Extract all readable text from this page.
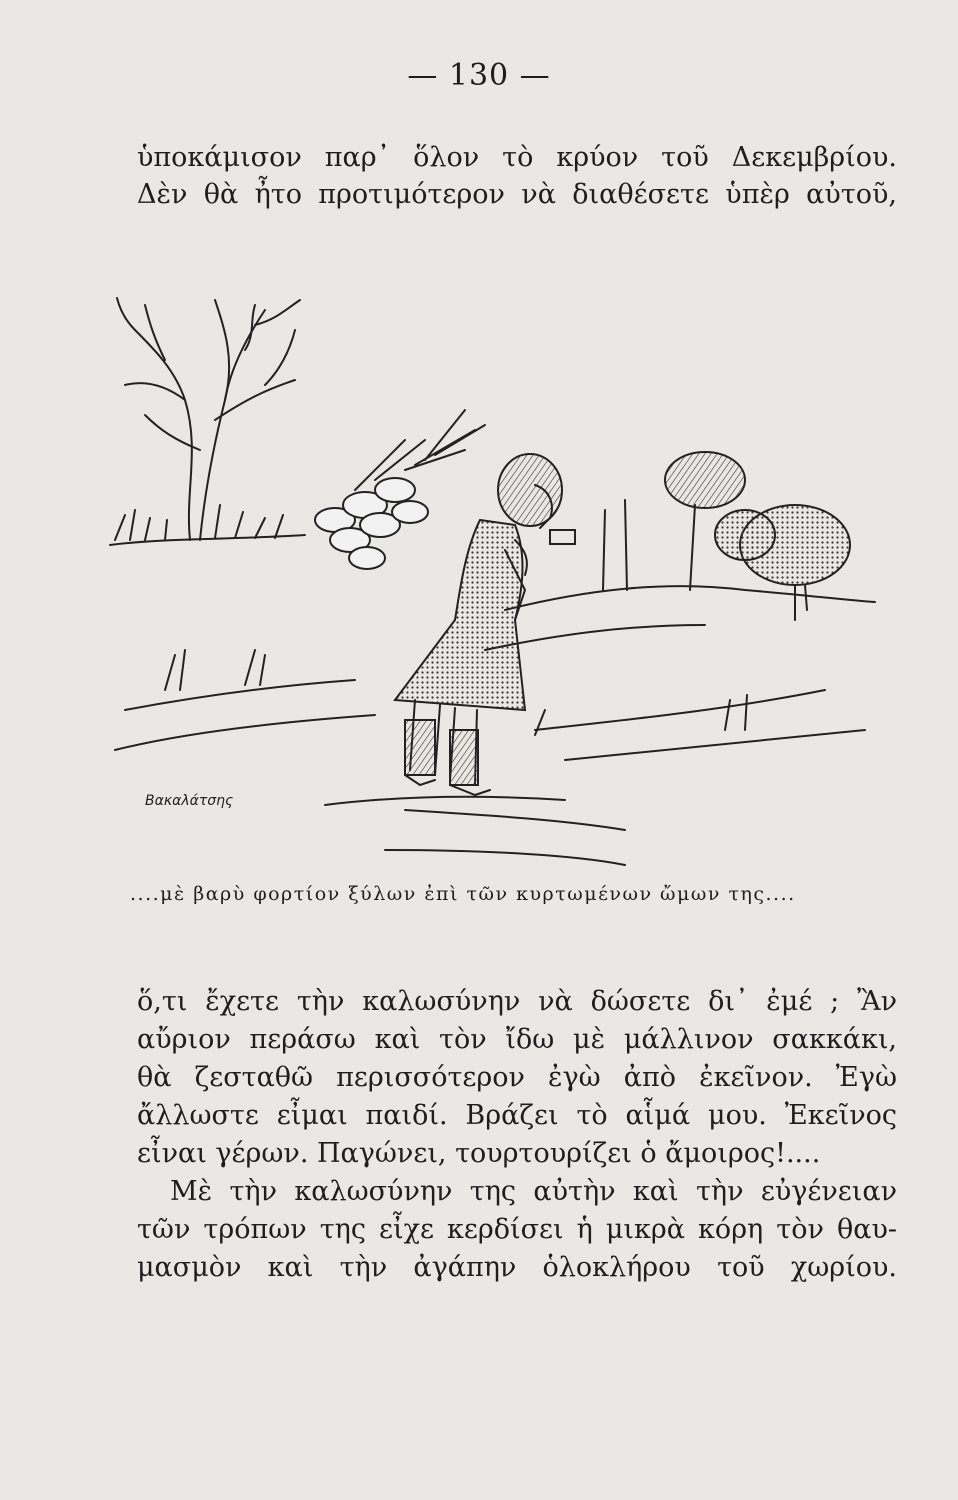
— 130 —
ὑποκάμισον παρ᾽ ὅλον τὸ κρύον τοῦ Δεκεμβρίου.
Δὲν θὰ ἦτο προτιμότερον νὰ διαθέσετε ὑπὲρ αὐτοῦ,
Βακαλάτσης
....μὲ βαρὺ φορτίον ξύλων ἐπὶ τῶν κυρτωμένων ὤμων της....
ὅ,τι ἔχετε τὴν καλωσύνην νὰ δώσετε δι᾽ ἐμέ ; Ἂν
αὔριον περάσω καὶ τὸν ἴδω μὲ μάλλινον σακκάκι,
θὰ ζεσταθῶ περισσότερον ἐγὼ ἀπὸ ἐκεῖνον. Ἐγὼ
ἄλλωστε εἶμαι παιδί. Βράζει τὸ αἷμά μου. Ἐκεῖνος
εἶναι γέρων. Παγώνει, τουρτουρίζει ὁ ἄμοιρος!....
Μὲ τὴν καλωσύνην της αὐτὴν καὶ τὴν εὐγένειαν
τῶν τρόπων της εἶχε κερδίσει ἡ μικρὰ κόρη τὸν θαυ-
μασμὸν καὶ τὴν ἀγάπην ὁλοκλήρου τοῦ χωρίου.
